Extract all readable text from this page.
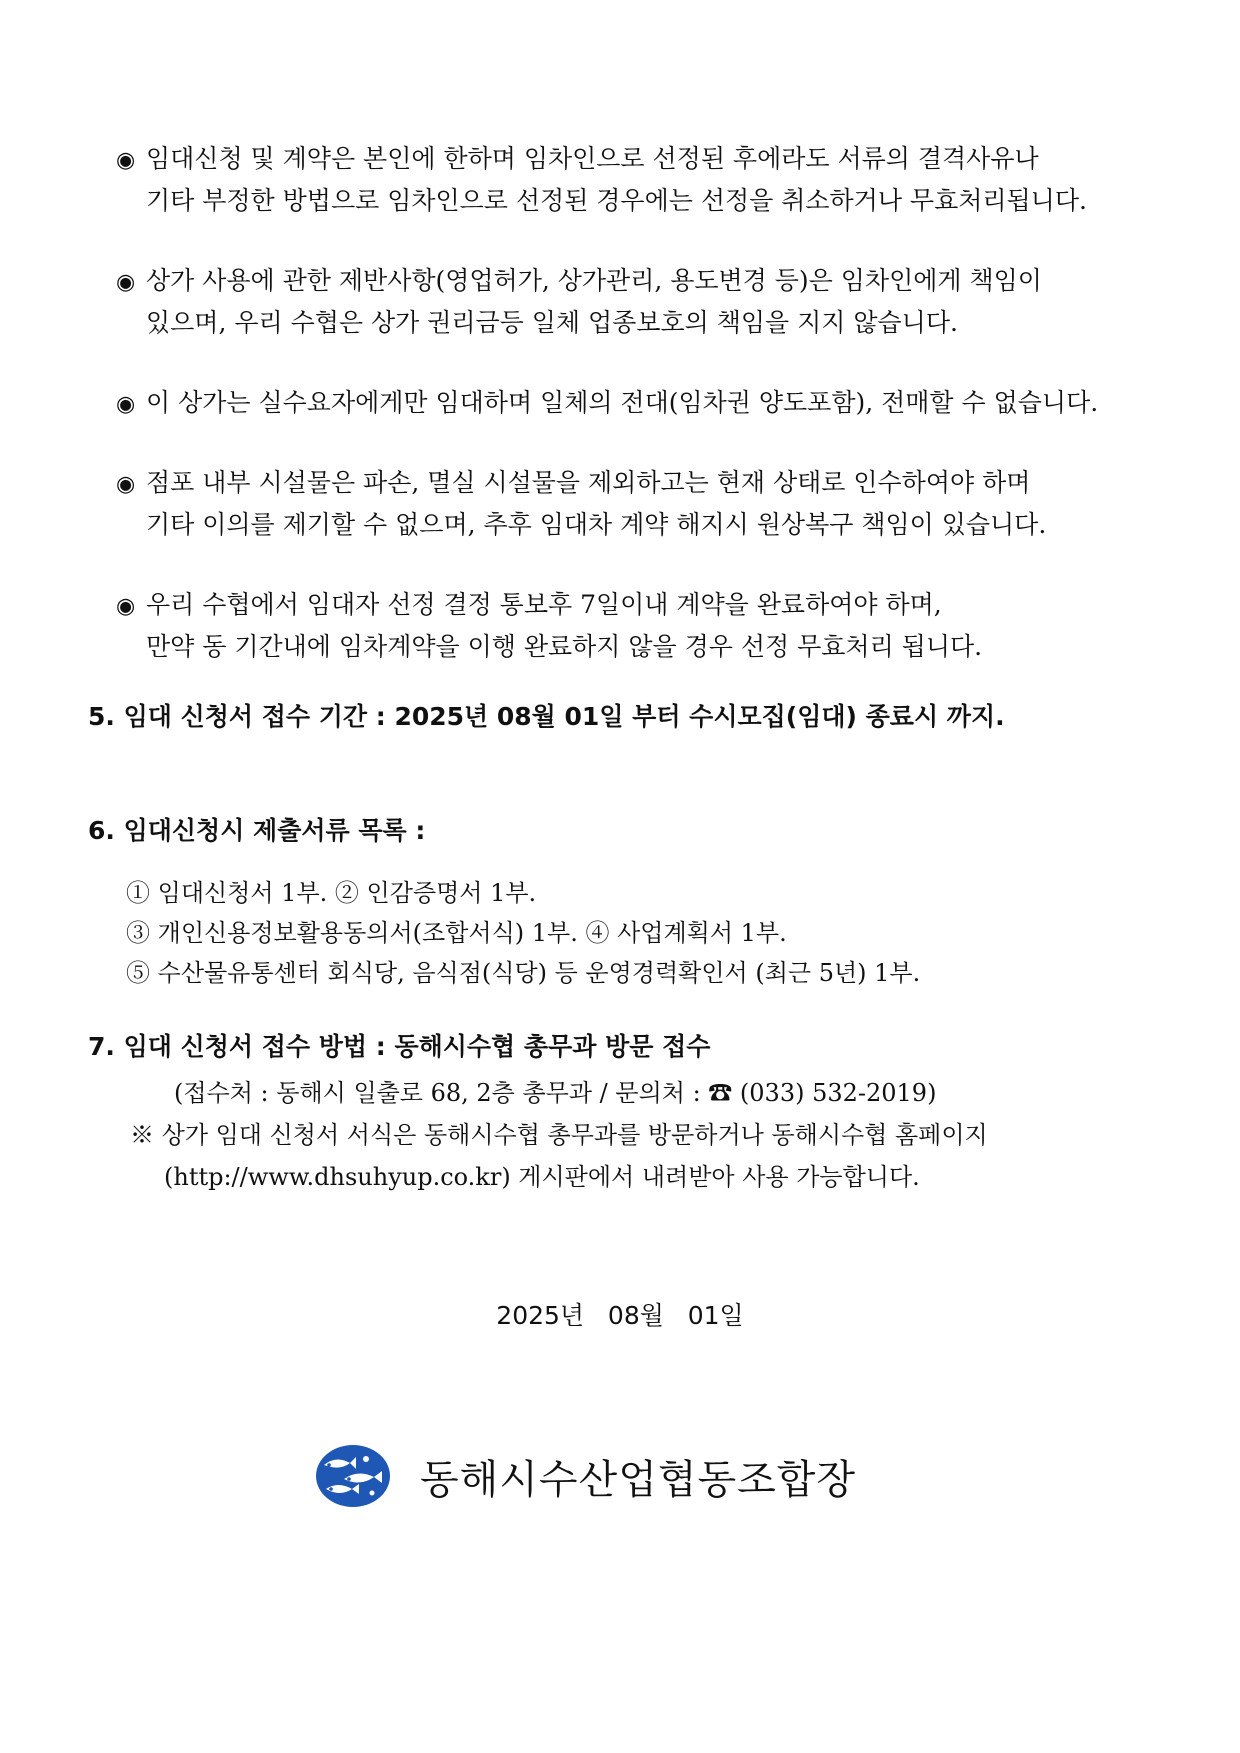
◉ 임대신청 및 계약은 본인에 한하며 임차인으로 선정된 후에라도 서류의 결격사유나
기타 부정한 방법으로 임차인으로 선정된 경우에는 선정을 취소하거나 무효처리됩니다.
◉ 상가 사용에 관한 제반사항(영업허가, 상가관리, 용도변경 등)은 임차인에게 책임이
있으며, 우리 수협은 상가 권리금등 일체 업종보호의 책임을 지지 않습니다.
◉ 이 상가는 실수요자에게만 임대하며 일체의 전대(임차권 양도포함), 전매할 수 없습니다.
◉ 점포 내부 시설물은 파손, 멸실 시설물을 제외하고는 현재 상태로 인수하여야 하며
기타 이의를 제기할 수 없으며, 추후 임대차 계약 해지시 원상복구 책임이 있습니다.
◉ 우리 수협에서 임대자 선정 결정 통보후 7일이내 계약을 완료하여야 하며,
만약 동 기간내에 임차계약을 이행 완료하지 않을 경우 선정 무효처리 됩니다.
5. 임대 신청서 접수 기간 : 2025년 08월 01일 부터 수시모집(임대) 종료시 까지.
6. 임대신청시 제출서류 목록 :
① 임대신청서 1부. ② 인감증명서 1부.
③ 개인신용정보활용동의서(조합서식) 1부. ④ 사업계획서 1부.
⑤ 수산물유통센터 회식당, 음식점(식당) 등 운영경력확인서 (최근 5년) 1부.
7. 임대 신청서 접수 방법 : 동해시수협 총무과 방문 접수
(접수처 : 동해시 일출로 68, 2층 총무과 / 문의처 : ☎ (033) 532-2019)
※ 상가 임대 신청서 서식은 동해시수협 총무과를 방문하거나 동해시수협 홈페이지
(http://www.dhsuhyup.co.kr) 게시판에서 내려받아 사용 가능합니다.
2025년   08월   01일
동해시수산업협동조합장
